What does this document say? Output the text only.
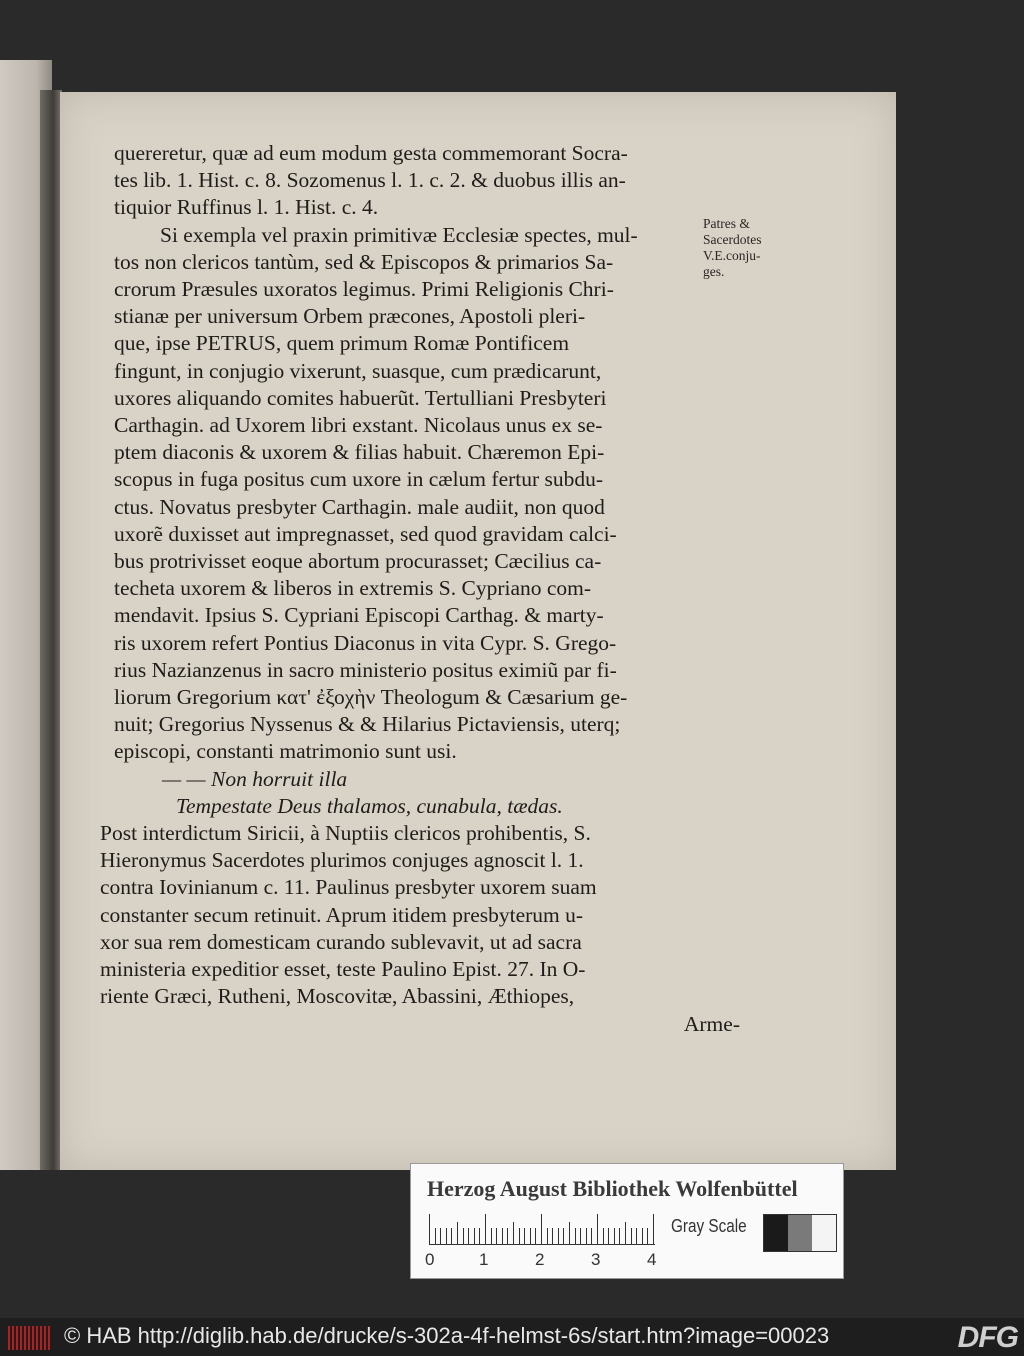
quereretur, quæ ad eum modum gesta commemorant Socra-
tes lib. 1. Hist. c. 8. Sozomenus l. 1. c. 2. & duobus illis an-
tiquior Ruffinus l. 1. Hist. c. 4.
Si exempla vel praxin primitivæ Ecclesiæ spectes, mul-
tos non clericos tantùm, sed & Episcopos & primarios Sa-
crorum Præsules uxoratos legimus. Primi Religionis Chri-
stianæ per universum Orbem præcones, Apostoli pleri-
que, ipse PETRUS, quem primum Romæ Pontificem
fingunt, in conjugio vixerunt, suasque, cum prædicarunt,
uxores aliquando comites habuerũt. Tertulliani Presbyteri
Carthagin. ad Uxorem libri exstant. Nicolaus unus ex se-
ptem diaconis & uxorem & filias habuit. Chæremon Epi-
scopus in fuga positus cum uxore in cælum fertur subdu-
ctus. Novatus presbyter Carthagin. male audiit, non quod
uxorẽ duxisset aut impregnasset, sed quod gravidam calci-
bus protrivisset eoque abortum procurasset; Cæcilius ca-
techeta uxorem & liberos in extremis S. Cypriano com-
mendavit. Ipsius S. Cypriani Episcopi Carthag. & marty-
ris uxorem refert Pontius Diaconus in vita Cypr. S. Grego-
rius Nazianzenus in sacro ministerio positus eximiũ par fi-
liorum Gregorium κατ' ἐξοχὴν Theologum & Cæsarium ge-
nuit; Gregorius Nyssenus & & Hilarius Pictaviensis, uterq;
episcopi, constanti matrimonio sunt usi.
— — Non horruit illa
Tempestate Deus thalamos, cunabula, tædas.
Post interdictum Siricii, à Nuptiis clericos prohibentis, S.
Hieronymus Sacerdotes plurimos conjuges agnoscit l. 1.
contra Iovinianum c. 11. Paulinus presbyter uxorem suam
constanter secum retinuit. Aprum itidem presbyterum u-
xor sua rem domesticam curando sublevavit, ut ad sacra
ministeria expeditior esset, teste Paulino Epist. 27. In O-
riente Græci, Rutheni, Moscovitæ, Abassini, Æthiopes,
Arme-
Patres &
Sacerdotes
V.E.conju-
ges.
Herzog August Bibliothek Wolfenbüttel
0	1	2	3	4
Gray Scale
© HAB http://diglib.hab.de/drucke/s-302a-4f-helmst-6s/start.htm?image=00023	DFG
